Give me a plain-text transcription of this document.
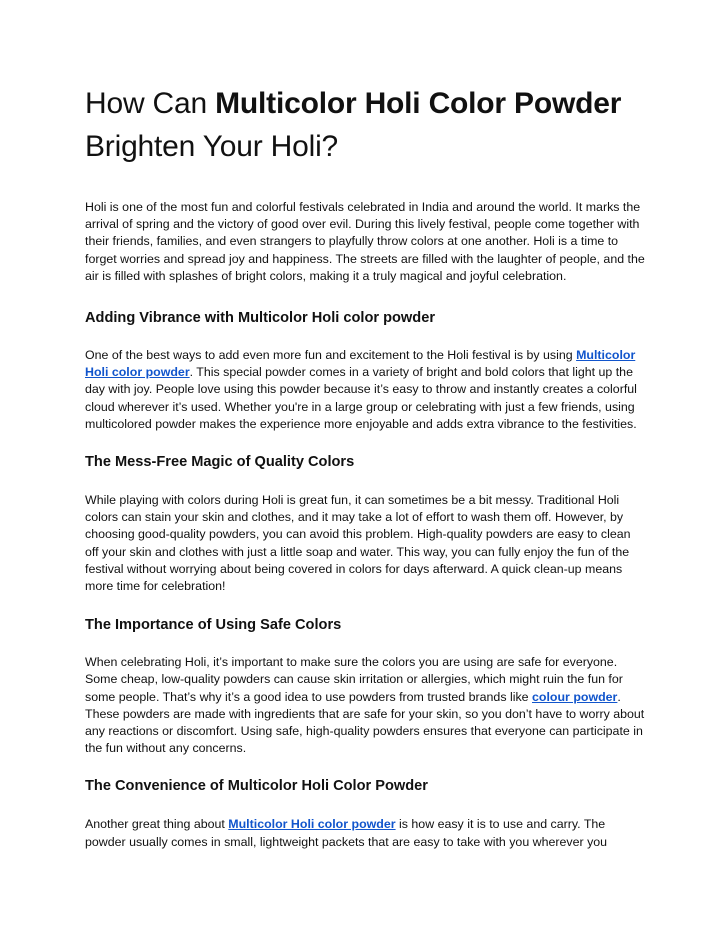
How Can Multicolor Holi Color Powder Brighten Your Holi?

Holi is one of the most fun and colorful festivals celebrated in India and around the world. It marks the arrival of spring and the victory of good over evil. During this lively festival, people come together with their friends, families, and even strangers to playfully throw colors at one another. Holi is a time to forget worries and spread joy and happiness. The streets are filled with the laughter of people, and the air is filled with splashes of bright colors, making it a truly magical and joyful celebration.

Adding Vibrance with Multicolor Holi color powder

One of the best ways to add even more fun and excitement to the Holi festival is by using Multicolor Holi color powder. This special powder comes in a variety of bright and bold colors that light up the day with joy. People love using this powder because it’s easy to throw and instantly creates a colorful cloud wherever it’s used. Whether you're in a large group or celebrating with just a few friends, using multicolored powder makes the experience more enjoyable and adds extra vibrance to the festivities.

The Mess-Free Magic of Quality Colors

While playing with colors during Holi is great fun, it can sometimes be a bit messy. Traditional Holi colors can stain your skin and clothes, and it may take a lot of effort to wash them off. However, by choosing good-quality powders, you can avoid this problem. High-quality powders are easy to clean off your skin and clothes with just a little soap and water. This way, you can fully enjoy the fun of the festival without worrying about being covered in colors for days afterward. A quick clean-up means more time for celebration!

The Importance of Using Safe Colors

When celebrating Holi, it’s important to make sure the colors you are using are safe for everyone. Some cheap, low-quality powders can cause skin irritation or allergies, which might ruin the fun for some people. That’s why it’s a good idea to use powders from trusted brands like colour powder. These powders are made with ingredients that are safe for your skin, so you don’t have to worry about any reactions or discomfort. Using safe, high-quality powders ensures that everyone can participate in the fun without any concerns.

The Convenience of Multicolor Holi Color Powder

Another great thing about Multicolor Holi color powder is how easy it is to use and carry. The powder usually comes in small, lightweight packets that are easy to take with you wherever you
